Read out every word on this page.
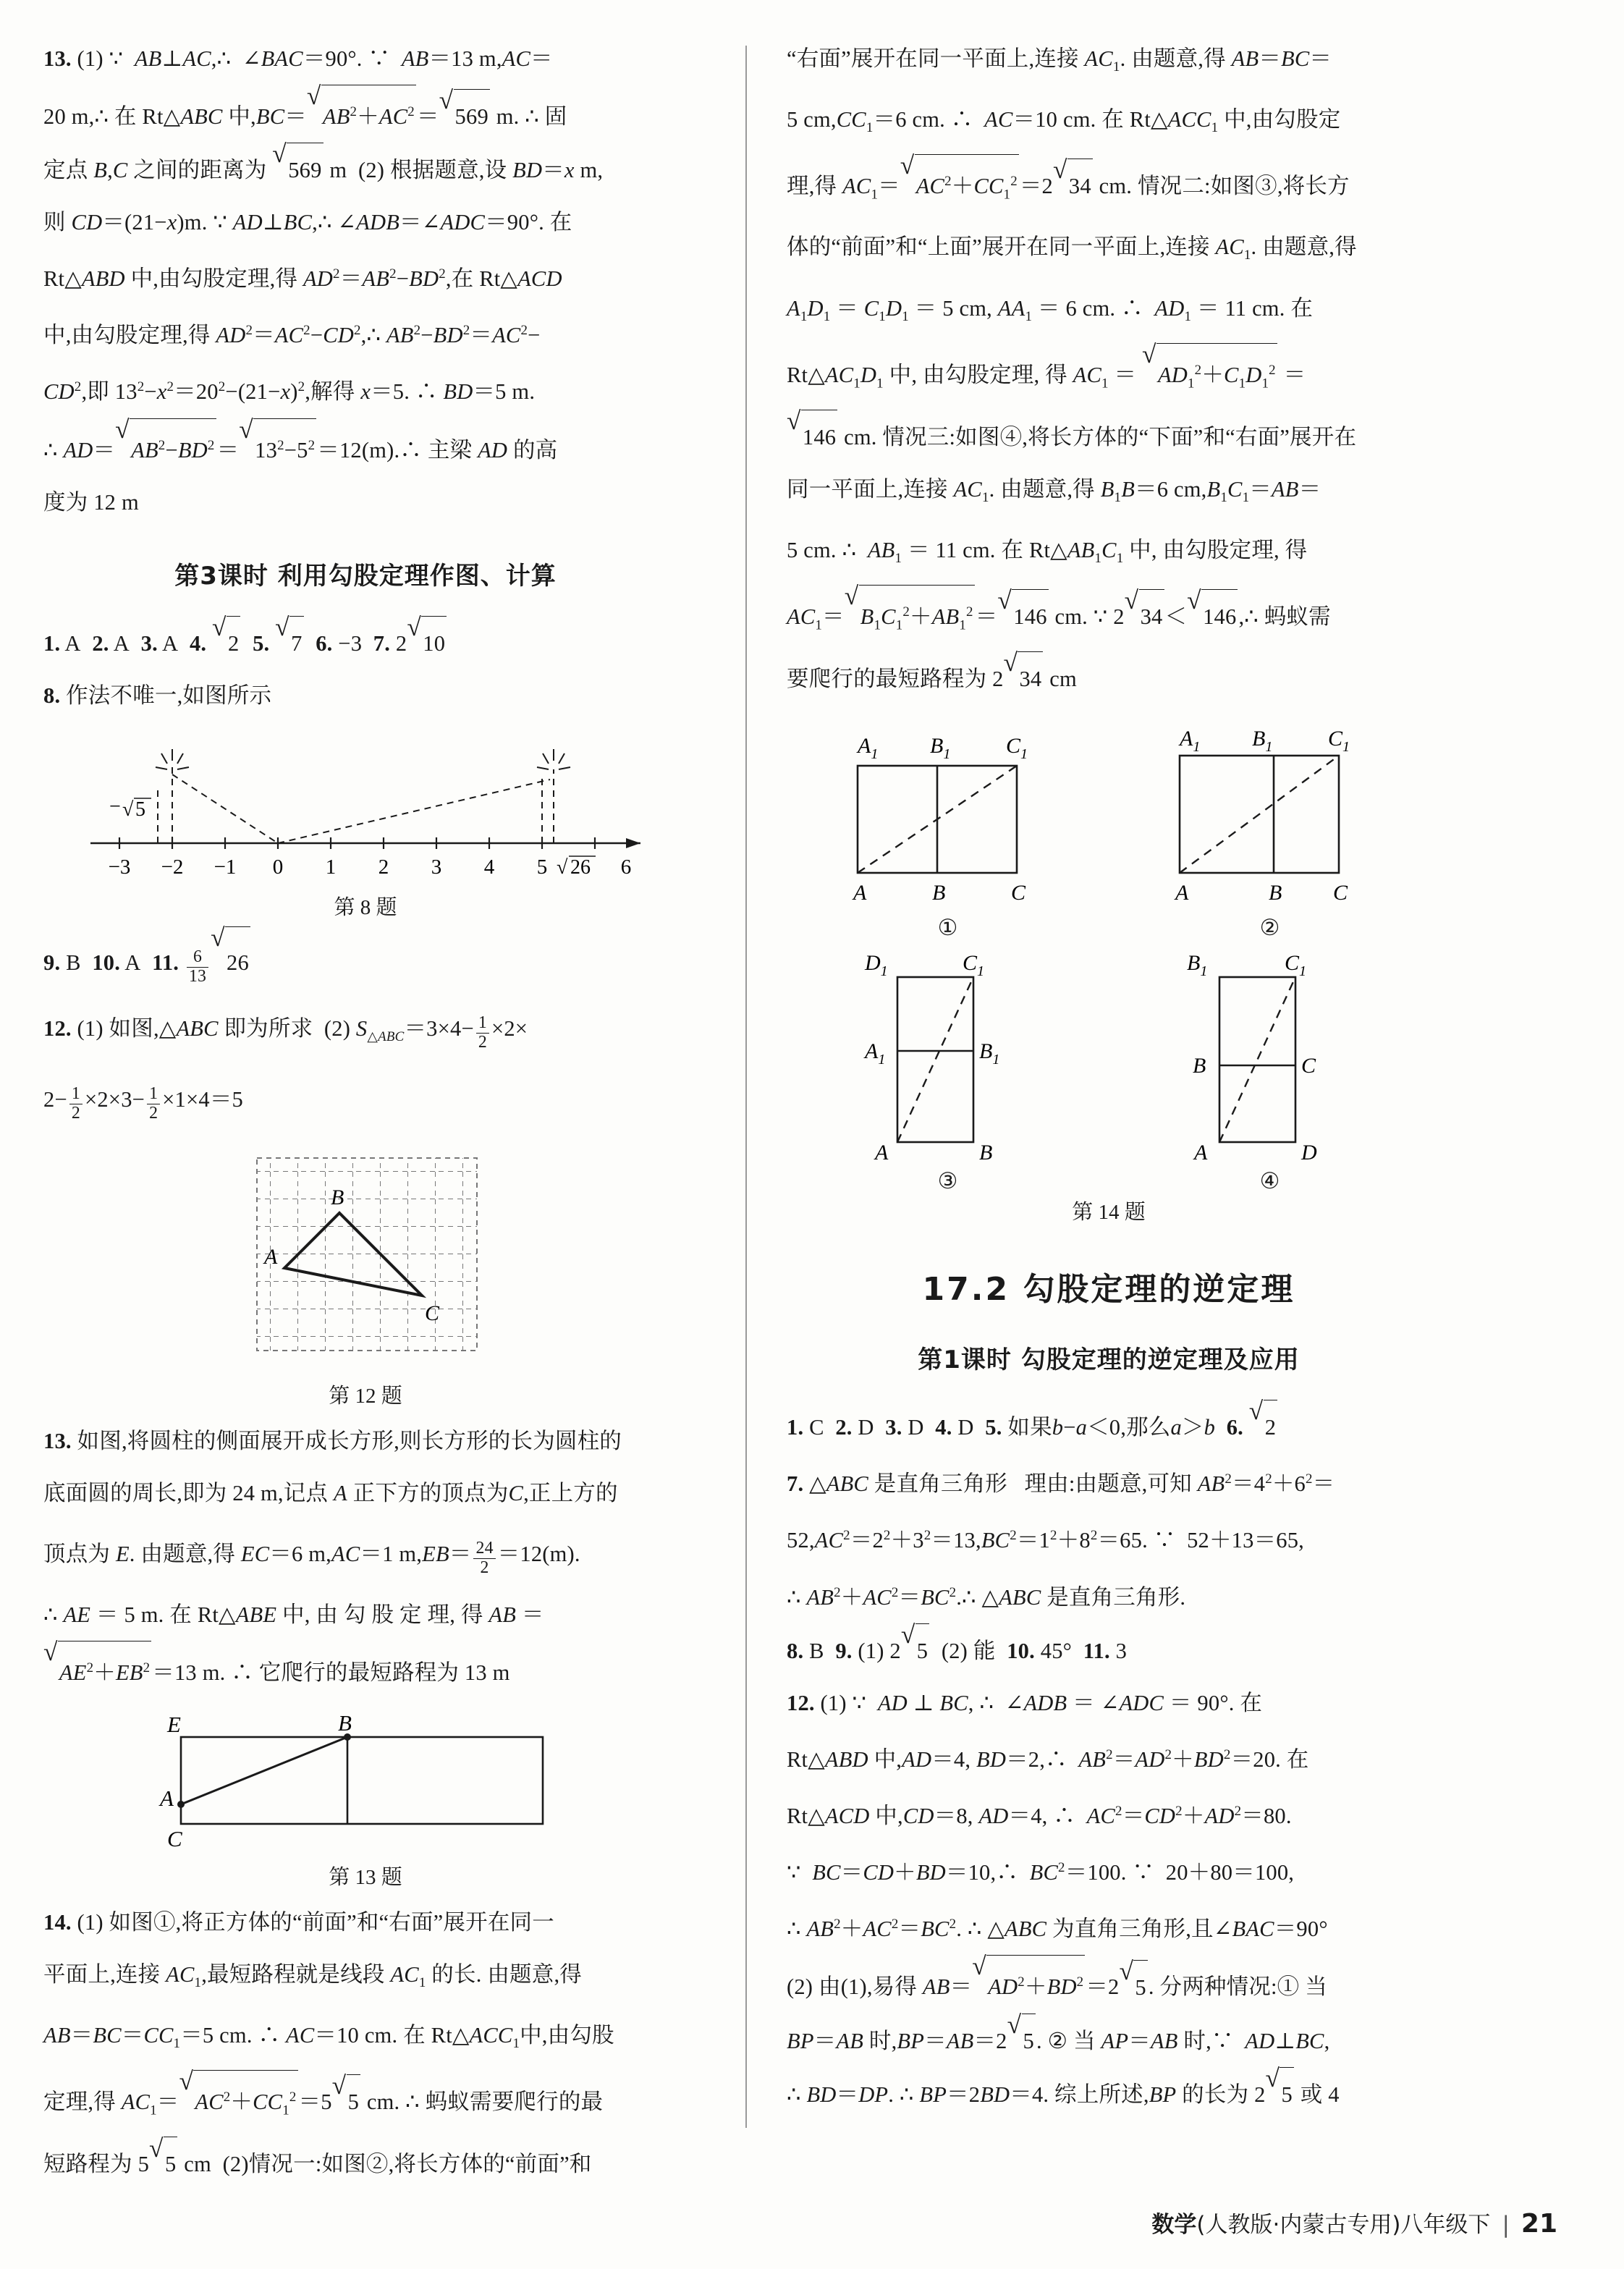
13. (1) ∵  AB⊥AC,∴  ∠BAC＝90°. ∵  AB＝13 m,AC＝
20 m,∴ 在 Rt△ABC 中,BC＝ √ $AB^2+AC^2=$ √ 569 m. ∴ 固
定点 B,C 之间的距离为 √ 569 m  (2) 根据题意,设 BD＝x m,
则 CD＝(21−x)m. ∵ AD⊥BC,∴ ∠ADB＝∠ADC＝90°. 在
Rt△ABD 中,由勾股定理,得 $AD^2=AB^2-BD^2$,在 Rt△ACD
中,由勾股定理,得 $AD^2=AC^2-CD^2,\therefore$ $AB^2-BD^2=AC^2-$
$CD^2$,即 $13^2-x^2=20^2-(21-x)^2$,解得 x＝5. ∴ BD＝5 m.
∴ AD＝ √ $AB^2-BD^2=$ √ $13^2-5^2=12(m).\therefore$ 主梁 AD 的高
度为 12 m
第3课时 利用勾股定理作图、计算
1. A  2. A  3. A  4. √ 2 5. √ 7 6. −3  7. 2 √ 10
8. 作法不唯一,如图所示
−3 −2 −1 0 1 2 3 4 5	6
− √ 5
√ 26
第 8 题
9. B  10. A  11. $\frac{6}{13}$ √ 26
12. (1) 如图,△ABC 即为所求  (2) $S_{\triangle ABC}=3\times 4- \frac{1}{2} \times 2\times$
$2- \frac{1}{2} \times 2\times 3- \frac{1}{2} \times 1\times 4=5$
A
B
C
第 12 题
13. 如图,将圆柱的侧面展开成长方形,则长方形的长为圆柱的
底面圆的周长,即为 24 m,记点 A 正下方的顶点为C,正上方的
顶点为 E. 由题意,得 EC＝6 m,AC＝1 $m,EB= \frac{24}{2} =12(m)$.
∴ AE ＝ 5 m. 在 Rt△ABE 中, 由 勾 股 定 理, 得 AB ＝
√ $AE^2+EB^2=13$ m. ∴ 它爬行的最短路程为 13 m
E	B
A
C
第 13 题
14. (1) 如图①,将正方体的“前面”和“右面”展开在同一
平面上,连接 $AC_1$,最短路程就是线段 $AC_1$ 的长. 由题意,得
$AB=BC=CC_1=5$ cm. ∴ AC＝10 cm. 在 $Rt\triangle ACC_1$中,由勾股
定理,得 $AC_1=$ √ $AC^2+CC_1^2=5$ √ 5 cm. ∴ 蚂蚁需要爬行的最
短路程为 5 √ 5 cm  (2)情况一:如图②,将长方体的“前面”和
“右面”展开在同一平面上,连接 $AC_1$. 由题意,得 AB＝BC＝
5 $cm,CC_1=6$ cm. ∴  AC＝10 cm. 在 $Rt\triangle ACC_1$ 中,由勾股定
理,得 $AC_1=$ √ $AC^2+CC_1^2=2$ √ 34 cm. 情况二:如图③,将长方
体的“前面”和“上面”展开在同一平面上,连接 $AC_1$. 由题意,得
$A_1D_1 = C_1D_1 = 5$ cm, $AA_1 = 6$ cm. ∴  $AD_1 = 11$ cm. 在
$Rt\triangle AC_1D_1$ 中, 由勾股定理, 得 $AC_1$ ＝ √ $AD_1^2+C_1D_1^2$ ＝
√ 146 cm. 情况三:如图④,将长方体的“下面”和“右面”展开在
同一平面上,连接 $AC_1$. 由题意,得 $B_1B=6$ $cm,B_1C_1=AB=$
5 cm. ∴  $AB_1 = 11$ cm. 在 $Rt\triangle AB_1C_1$ 中, 由勾股定理, 得
$AC_1=$ √ $B_1C_1^2+AB_1^2=$ √ 146 cm. ∵ 2 √ 34＜ √ 146,∴ 蚂蚁需
要爬行的最短路程为 2 √ 34 cm
$A_1$ $B_1$	$C_1$
A	B	C
①
$A_1$ $B_1$	$C_1$
A	B C
②
$D_1$	$C_1$
$A_1$	$B_1$
A	B
③
$B_1$	$C_1$
B	C
A	D
④
第 14 题
17.2 勾股定理的逆定理
第1课时 勾股定理的逆定理及应用
1. C  2. D  3. D  4. D  5. 如果b−a＜0,那么a＞b 6. √ 2
7. △ABC 是直角三角形   理由:由题意,可知 $AB^2=4^2+6^2=$
$52,AC^2=2^2+3^2=13,BC^2=1^2+8^2=65$. ∵  52＋13＝65,
∴ $AB^2+AC^2=BC^2.\therefore$ △ABC 是直角三角形.
8. B  9. (1) 2 √ 5  (2) 能  10. 45°  11. 3
12. (1) ∵  AD ⊥ BC, ∴  ∠ADB ＝ ∠ADC ＝ 90°. 在
Rt△ABD 中,AD＝4, BD＝2,∴  $AB^2=AD^2+BD^2=20$. 在
Rt△ACD 中,CD＝8, AD＝4, ∴  $AC^2=CD^2+AD^2=80$.
∵  BC＝CD＋BD＝10,∴  $BC^2=100$. ∵  20＋80＝100,
∴ $AB^2+AC^2=BC^2$. ∴ △ABC 为直角三角形,且∠BAC＝90°
(2) 由(1),易得 AB＝ √ $AD^2+BD^2=2$ √ 5. 分两种情况:① 当
BP＝AB 时,BP＝AB＝2 √ 5. ② 当 AP＝AB 时,∵  AD⊥BC,
∴ BD＝DP. ∴ BP＝2BD＝4. 综上所述,BP 的长为 2 √ 5 或 4
数学(人教版·内蒙古专用)八年级下 | 21
